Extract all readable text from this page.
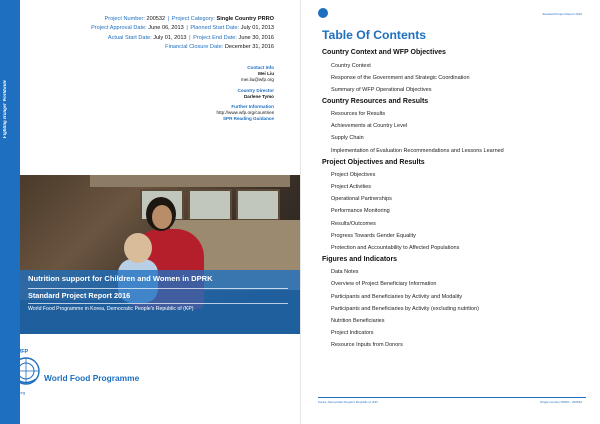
Fighting Hunger Worldwide
Project Number: 200532 | Project Category: Single Country PRRO
Project Approval Date: June 06, 2013 | Planned Start Date: July 01, 2013
Actual Start Date: July 01, 2013 | Project End Date: June 30, 2016
Financial Closure Date: December 31, 2016
Contact Info
Mei Liu
mei.liu@wfp.org
Country Director
Darlene Tymo
Further Information
http://www.wfp.org/countries
SPR Reading Guidance
Nutrition support for Children and Women in DPRK
Standard Project Report 2016
World Food Programme in Korea, Democratic People's Republic of (KP)
WFP
World Food Programme
wfp.org
Standard Project Report 2016
Table Of Contents
Country Context and WFP Objectives
Country Context
Response of the Government and Strategic Coordination
Summary of WFP Operational Objectives
Country Resources and Results
Resources for Results
Achievements at Country Level
Supply Chain
Implementation of Evaluation Recommendations and Lessons Learned
Project Objectives and Results
Project Objectives
Project Activities
Operational Partnerships
Performance Monitoring
Results/Outcomes
Progress Towards Gender Equality
Protection and Accountability to Affected Populations
Figures and Indicators
Data Notes
Overview of Project Beneficiary Information
Participants and Beneficiaries by Activity and Modality
Participants and Beneficiaries by Activity (excluding nutrition)
Nutrition Beneficiaries
Project Indicators
Resource Inputs from Donors
Korea, Democratic People's Republic of (KP)	Single Country PRRO - 200532
